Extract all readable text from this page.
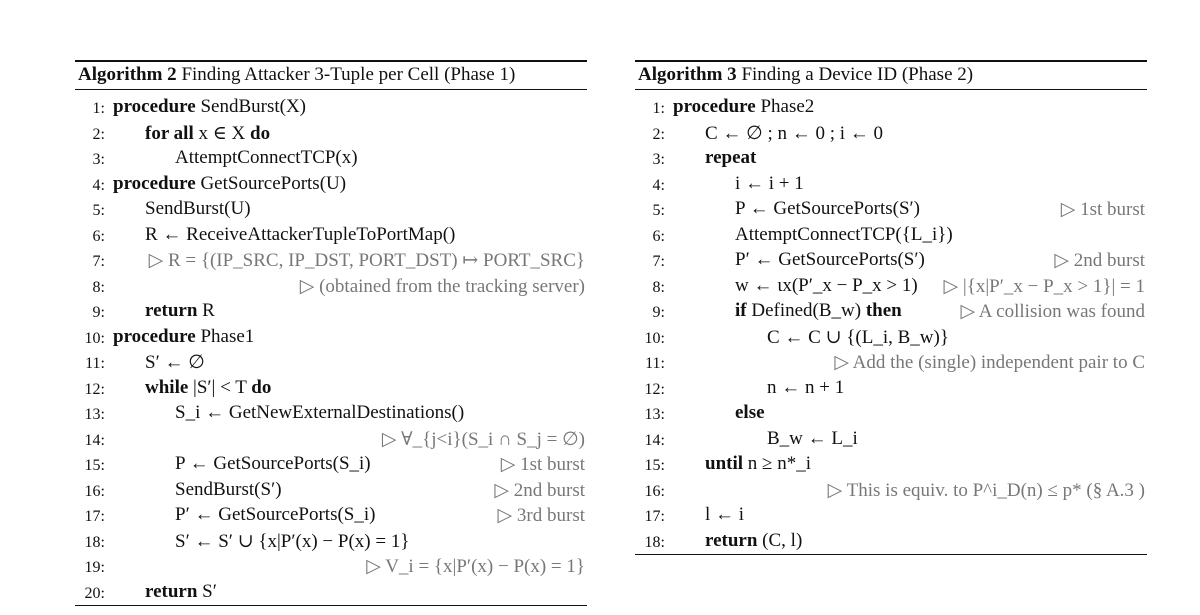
Algorithm 2 Finding Attacker 3-Tuple per Cell (Phase 1)
1: procedure SendBurst(X)
2: for all x ∈ X do
3:	AttemptConnectTCP(x)
4: procedure GetSourcePorts(U)
5: SendBurst(U)
6: R ← ReceiveAttackerTupleToPortMap()
7: ▷ R = {(IP_SRC, IP_DST, PORT_DST) ↦ PORT_SRC}
8:	▷ (obtained from the tracking server)
9: return R
10: procedure Phase1
11: S′ ← ∅
12: while |S′| < T do
13:	S_i ← GetNewExternalDestinations()
14:	▷ ∀_{j<i}(S_i ∩ S_j = ∅)
15:	P ← GetSourcePorts(S_i)	▷ 1st burst
16:	SendBurst(S′)	▷ 2nd burst
17:	P′ ← GetSourcePorts(S_i)	▷ 3rd burst
18:	S′ ← S′ ∪ {x|P′(x) − P(x) = 1}
19:	▷ V_i = {x|P′(x) − P(x) = 1}
20: return S′
Algorithm 3 Finding a Device ID (Phase 2)
1: procedure Phase2
2: C ← ∅ ; n ← 0 ; i ← 0
3: repeat
4:	i ← i + 1
5:	P ← GetSourcePorts(S′)	▷ 1st burst
6:	AttemptConnectTCP({L_i})
7:	P′ ← GetSourcePorts(S′)	▷ 2nd burst
8:	w ← ιx(P′_x − P_x > 1) ▷ |{x|P′_x − P_x > 1}| = 1
9:	if Defined(B_w) then	▷ A collision was found
10:	C ← C ∪ {(L_i, B_w)}
11:	▷ Add the (single) independent pair to C
12:	n ← n + 1
13:	else
14:	B_w ← L_i
15: until n ≥ n*_i
16:	▷ This is equiv. to P^i_D(n) ≤ p* (§ A.3 )
17: l ← i
18: return (C, l)
